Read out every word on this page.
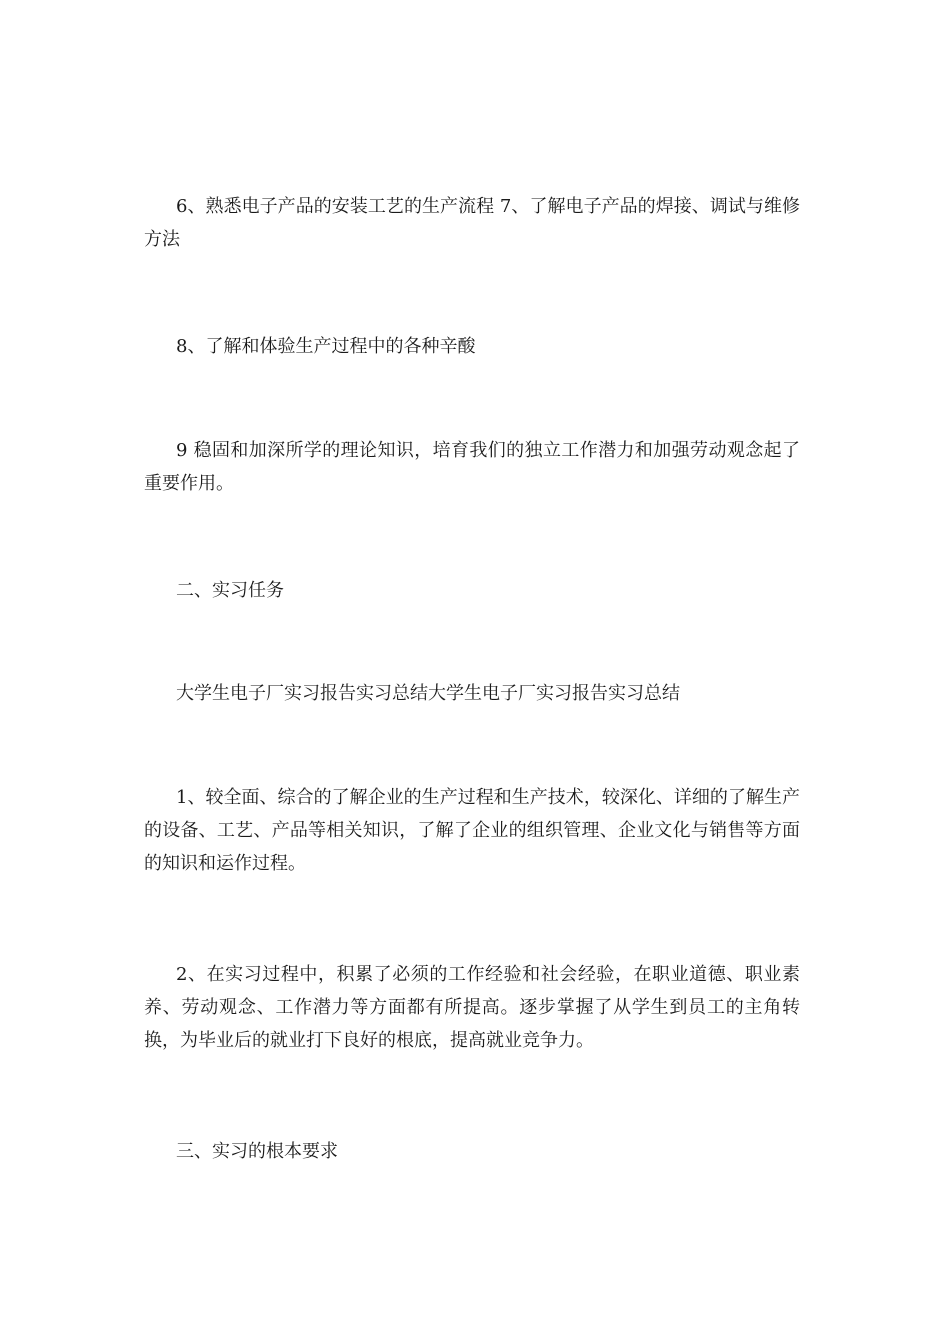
6、熟悉电子产品的安装工艺的生产流程 7、了解电子产品的焊接、调试与维修方法

8、了解和体验生产过程中的各种辛酸

9 稳固和加深所学的理论知识，培育我们的独立工作潜力和加强劳动观念起了重要作用。

二、实习任务

大学生电子厂实习报告实习总结大学生电子厂实习报告实习总结

1、较全面、综合的了解企业的生产过程和生产技术，较深化、详细的了解生产的设备、工艺、产品等相关知识，了解了企业的组织管理、企业文化与销售等方面的知识和运作过程。

2、在实习过程中，积累了必须的工作经验和社会经验，在职业道德、职业素养、劳动观念、工作潜力等方面都有所提高。逐步掌握了从学生到员工的主角转换，为毕业后的就业打下良好的根底，提高就业竞争力。

三、实习的根本要求
